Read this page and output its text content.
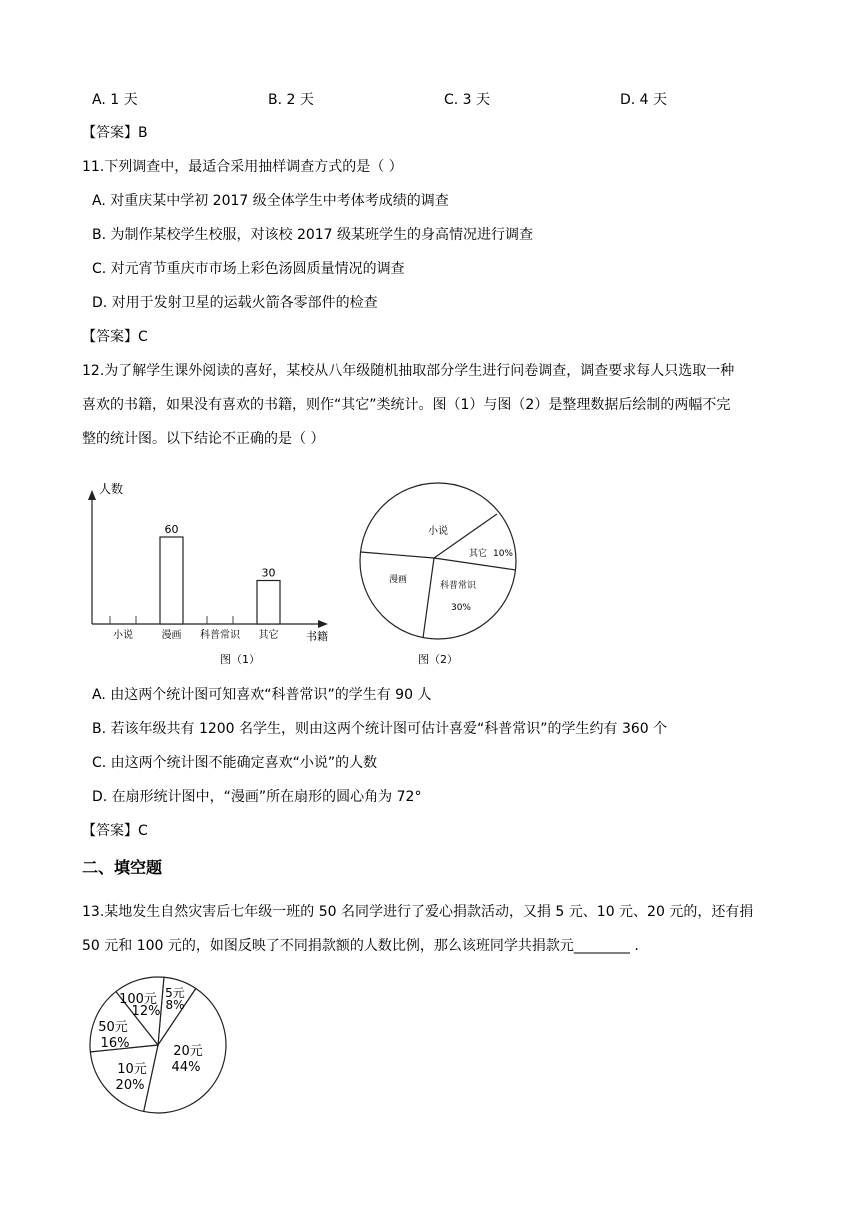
A. 1 天	B. 2 天	C. 3 天	D. 4 天
【答案】B
11.下列调查中，最适合采用抽样调查方式的是（ ）
A. 对重庆某中学初 2017 级全体学生中考体考成绩的调查
B. 为制作某校学生校服，对该校 2017 级某班学生的身高情况进行调查
C. 对元宵节重庆市市场上彩色汤圆质量情况的调查
D. 对用于发射卫星的运载火箭各零部件的检查
【答案】C
12.为了解学生课外阅读的喜好，某校从八年级随机抽取部分学生进行问卷调查，调查要求每人只选取一种
喜欢的书籍，如果没有喜欢的书籍，则作“其它”类统计。图（1）与图（2）是整理数据后绘制的两幅不完
整的统计图。以下结论不正确的是（ ）
人数
书籍
60
30
小说	漫画 科普常识 其它
图（1）
小说
其它 10%
科普常识
30%
漫画
图（2）
A. 由这两个统计图可知喜欢“科普常识”的学生有 90 人
B. 若该年级共有 1200 名学生，则由这两个统计图可估计喜爱“科普常识”的学生约有 360 个
C. 由这两个统计图不能确定喜欢“小说”的人数
D. 在扇形统计图中，“漫画”所在扇形的圆心角为 72°
【答案】C
二、填空题
13.某地发生自然灾害后七年级一班的 50 名同学进行了爱心捐款活动，又捐 5 元、10 元、20 元的，还有捐
50 元和 100 元的，如图反映了不同捐款额的人数比例，那么该班同学共捐款元________ .
5元
8%
20元
44%
10元
20%
50元
16%
100元
12%
